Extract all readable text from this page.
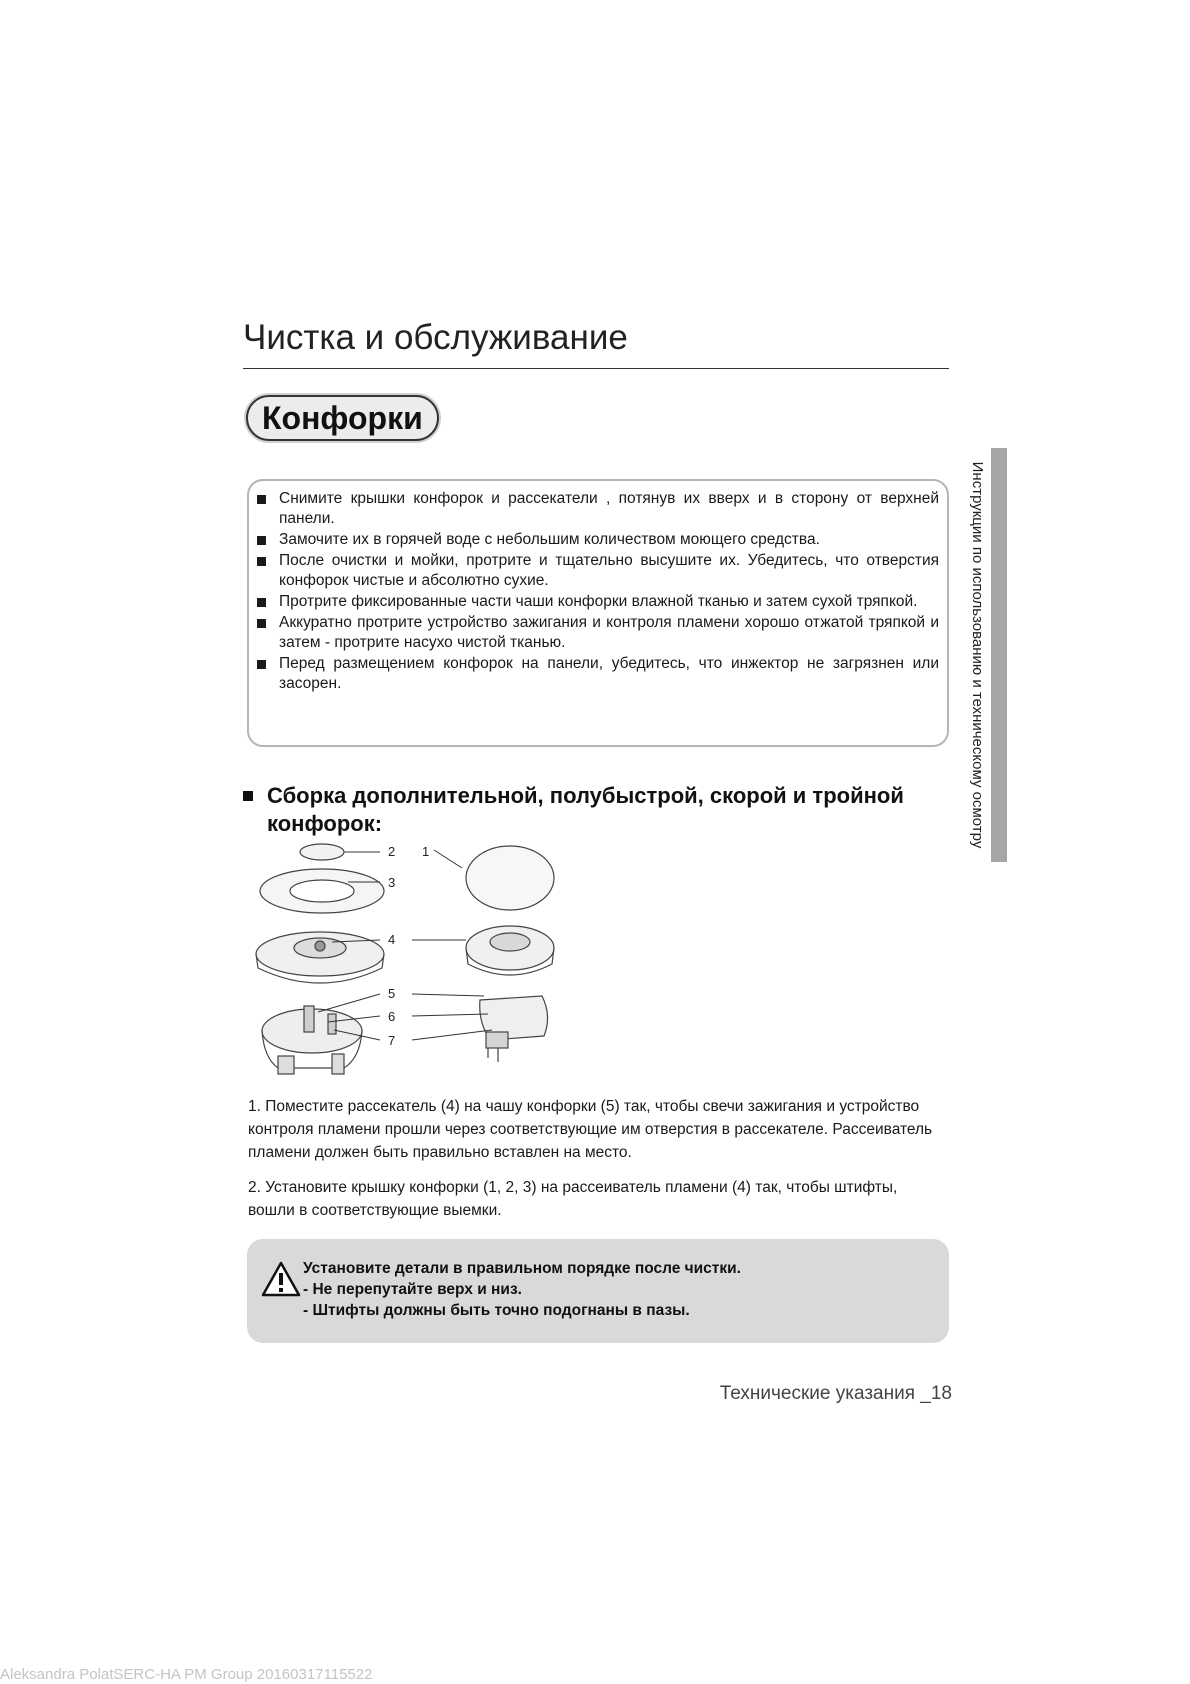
Чистка и обслуживание
Конфорки
Инструкции по использованию и техническому осмотру
Снимите крышки конфорок и рассекатели , потянув их вверх и в сторону от верхней панели.
Замочите их в горячей воде с небольшим количеством моющего средства.
После очистки и мойки, протрите и тщательно высушите их. Убедитесь, что отверстия конфорок чистые и абсолютно сухие.
Протрите фиксированные части чаши конфорки влажной тканью и затем сухой тряпкой.
Аккуратно протрите устройство зажигания и контроля пламени хорошо отжатой тряпкой и затем - протрите насухо чистой тканью.
Перед размещением конфорок на панели, убедитесь, что инжектор не загрязнен или засорен.
Сборка дополнительной, полубыстрой, скорой и тройной конфорок:
2 1
3
4
5
6
7
1. Поместите рассекатель (4) на чашу конфорки (5) так, чтобы свечи зажигания и устройство контроля пламени прошли через соответствующие им отверстия в рассекателе. Рассеиватель пламени должен быть правильно вставлен на место.
2. Установите крышку конфорки (1, 2, 3) на рассеиватель пламени (4) так, чтобы штифты, вошли в соответствующие выемки.
Установите детали в правильном порядке после чистки.
- Не перепутайте верх и низ.
- Штифты должны быть точно подогнаны в пазы.
Технические указания _18
Aleksandra PolatSERC-HA PM Group 20160317115522
